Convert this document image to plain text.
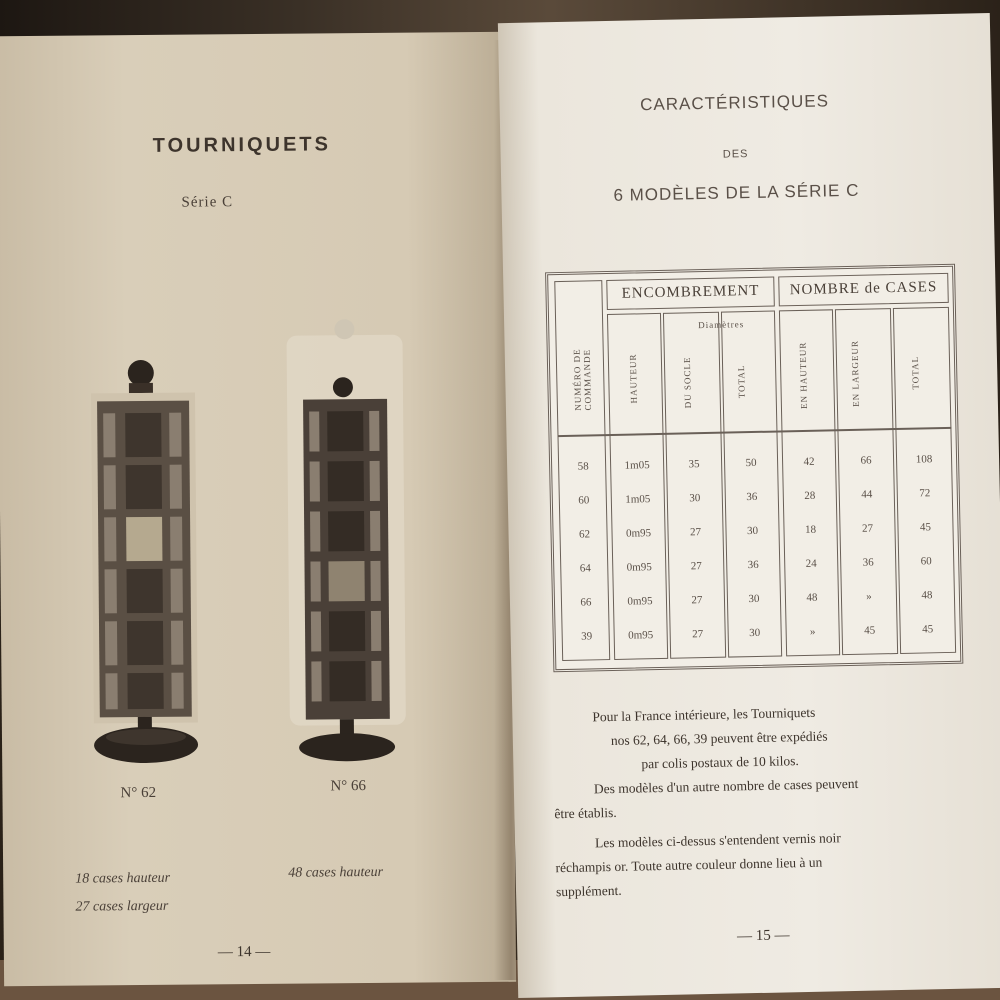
TOURNIQUETS
Série C
N° 62	N° 66
18 cases hauteur
27 cases largeur
48 cases hauteur
— 14 —
CARACTÉRISTIQUES
DES
6 MODÈLES DE LA SÉRIE C
ENCOMBREMENT	NOMBRE de CASES
Diamètres
NUMÉRO DE COMMANDE	HAUTEUR	DU SOCLE	TOTAL	EN HAUTEUR	EN LARGEUR	TOTAL
58	1m05	35	50	42	66	108
60	1m05	30	36	28	44	72
62	0m95	27	30	18	27	45
64	0m95	27	36	24	36	60
66	0m95	27	30	48	»	48
39	0m95	27	30	»	45	45
Pour la France intérieure, les Tourniquets
nos 62, 64, 66, 39 peuvent être expédiés
par colis postaux de 10 kilos.
Des modèles d'un autre nombre de cases peuvent
être établis.
Les modèles ci-dessus s'entendent vernis noir
réchampis or. Toute autre couleur donne lieu à un
supplément.
— 15 —
